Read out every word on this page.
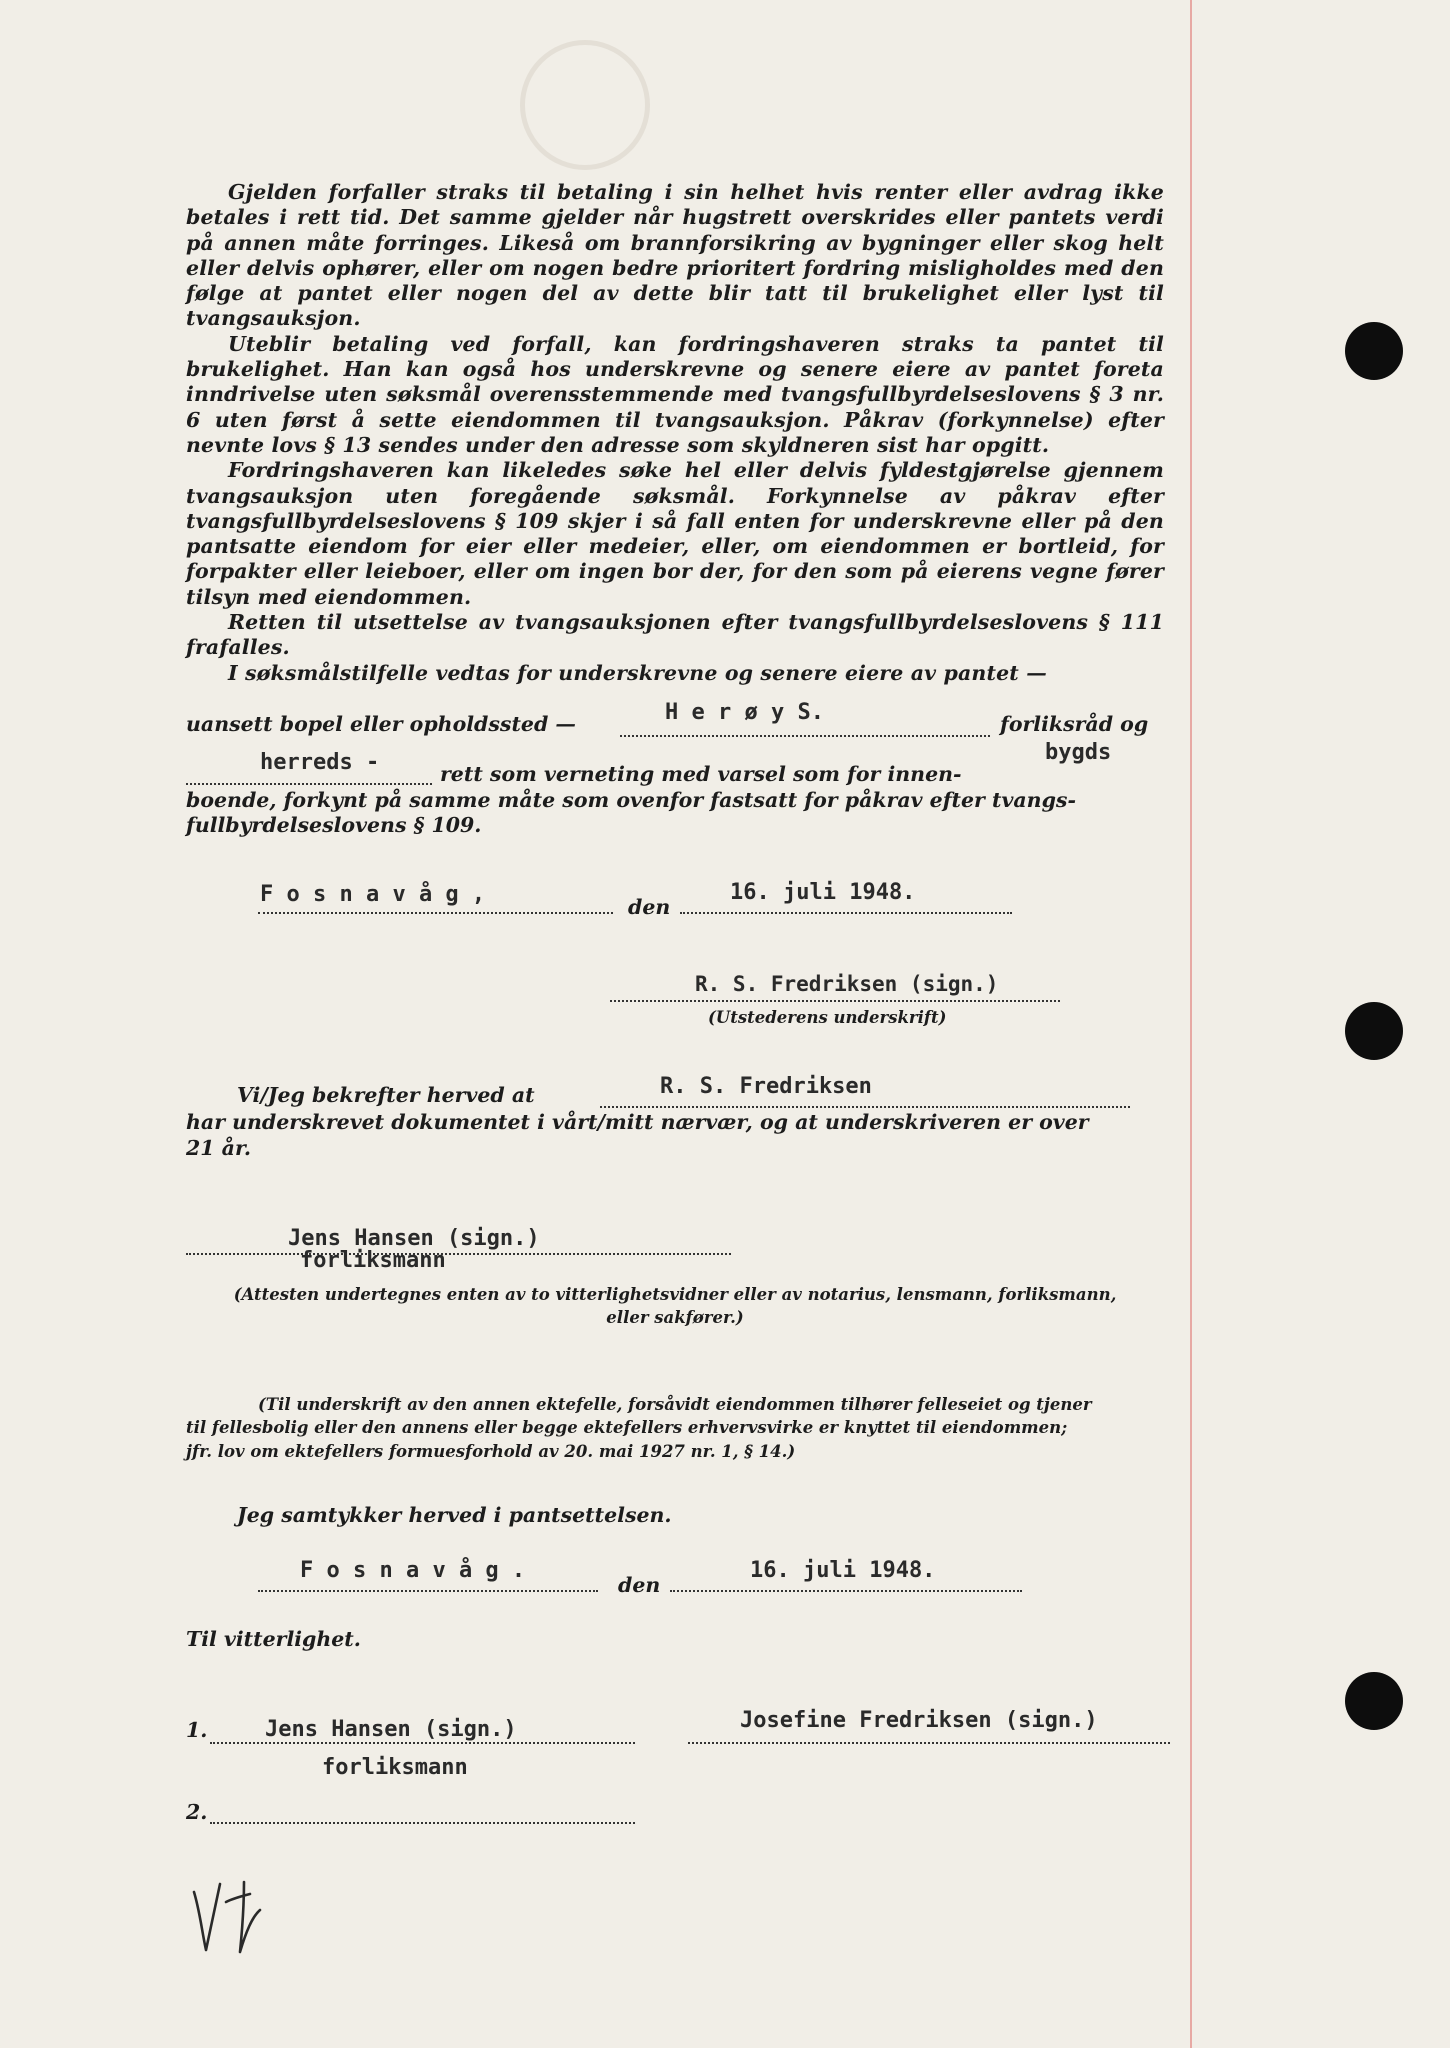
Gjelden forfaller straks til betaling i sin helhet hvis renter eller avdrag ikke betales i rett tid. Det samme gjelder når hugstrett overskrides eller pantets verdi på annen måte forringes. Likeså om brannforsikring av bygninger eller skog helt eller delvis ophører, eller om nogen bedre prioritert fordring misligholdes med den følge at pantet eller nogen del av dette blir tatt til brukelighet eller lyst til tvangsauksjon.

Uteblir betaling ved forfall, kan fordringshaveren straks ta pantet til brukelighet. Han kan også hos underskrevne og senere eiere av pantet foreta inndrivelse uten søksmål overensstemmende med tvangsfullbyrdelseslovens § 3 nr. 6 uten først å sette eiendommen til tvangsauksjon. Påkrav (forkynnelse) efter nevnte lovs § 13 sendes under den adresse som skyldneren sist har opgitt.

Fordringshaveren kan likeledes søke hel eller delvis fyldestgjørelse gjennem tvangsauksjon uten foregående søksmål. Forkynnelse av påkrav efter tvangsfullbyrdelseslovens § 109 skjer i så fall enten for underskrevne eller på den pantsatte eiendom for eier eller medeier, eller, om eiendommen er bortleid, for forpakter eller leieboer, eller om ingen bor der, for den som på eierens vegne fører tilsyn med eiendommen.

Retten til utsettelse av tvangsauksjonen efter tvangsfullbyrdelseslovens § 111 frafalles.

I søksmålstilfelle vedtas for underskrevne og senere eiere av pantet —

uansett bopel eller opholdssted —	H e r ø y S.	forliksråd og
herreds -	bygds
rett som verneting med varsel som for innen-
boende, forkynt på samme måte som ovenfor fastsatt for påkrav efter tvangs-
fullbyrdelseslovens § 109.
F o s n a v å g ,	den
16. juli 1948.
R. S. Fredriksen (sign.)
(Utstederens underskrift)
Vi/Jeg bekrefter herved at	R. S. Fredriksen
har underskrevet dokumentet i vårt/mitt nærvær, og at underskriveren er over
21 år.
Jens Hansen (sign.)
forliksmann
(Attesten undertegnes enten av to vitterlighetsvidner eller av notarius, lensmann, forliksmann,
eller sakfører.)
(Til underskrift av den annen ektefelle, forsåvidt eiendommen tilhører felleseiet og tjener
til fellesbolig eller den annens eller begge ektefellers erhvervsvirke er knyttet til eiendommen;
jfr. lov om ektefellers formuesforhold av 20. mai 1927 nr. 1, § 14.)
Jeg samtykker herved i pantsettelsen.
F o s n a v å g .
den
16. juli 1948.
Til vitterlighet.
1.	Jens Hansen (sign.)
forliksmann
Josefine Fredriksen (sign.)
2.
